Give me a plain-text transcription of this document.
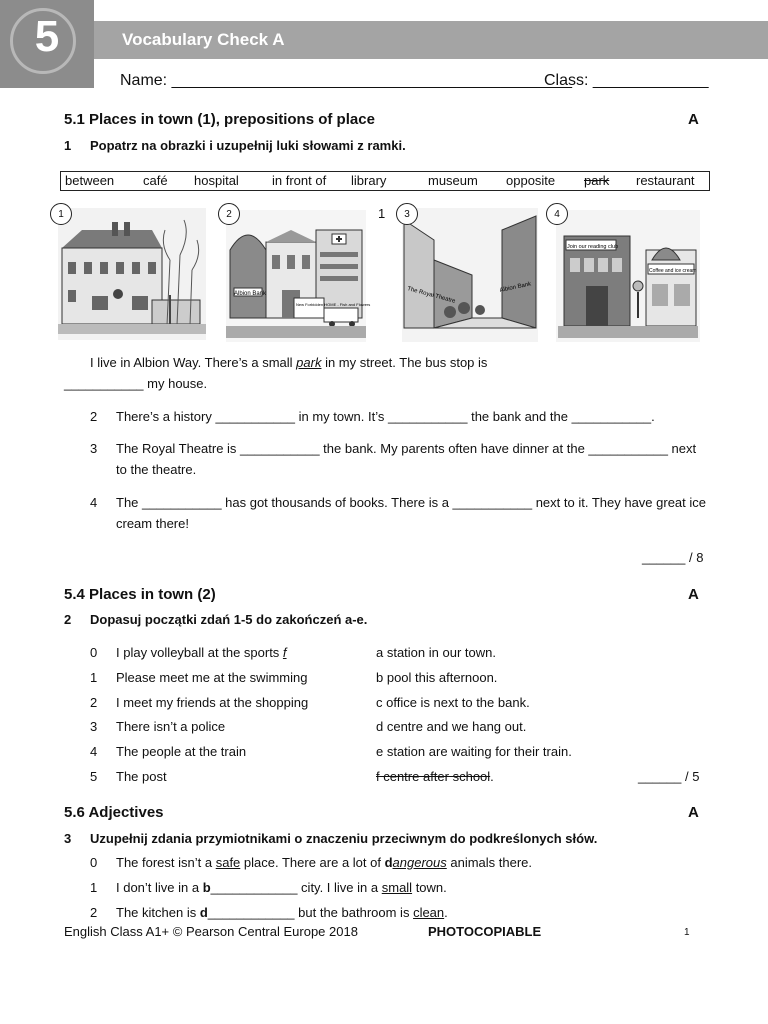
5	Vocabulary Check A
Name: _____________________________________________
Class: _____________
5.1 Places in town (1), prepositions of place	A
1 Popatrz na obrazki i uzupełnij luki słowami z ramki.
between café hospital	in front of library	museum opposite park restaurant
Albion Bank
New Forbidden HOME - Fish and Flowers	The Royal Theatre	Albion Bank
Join our reading club
Coffee and ice cream
1	2	1	3	4
I live in Albion Way. There’s a small park in my street. The bus stop is
___________ my house.
2 There’s a history ___________ in my town. It’s ___________ the bank and the ___________.
3 The Royal Theatre is ___________ the bank. My parents often have dinner at the ___________ next
to the theatre.
4 The ___________ has got thousands of books. There is a ___________ next to it. They have great ice
cream there!
______ / 8
5.4 Places in town (2)	A
2 Dopasuj początki zdań 1-5 do zakończeń a-e.
0 I play volleyball at the sports f	a station in our town.
1 Please meet me at the swimming	b pool this afternoon.
2 I meet my friends at the shopping	c office is next to the bank.
3 There isn’t a police	d centre and we hang out.
4 The people at the train	e station are waiting for their train.
5 The post	f centre after school.	______ / 5
5.6 Adjectives	A
3 Uzupełnij zdania przymiotnikami o znaczeniu przeciwnym do podkreślonych słów.
0 The forest isn’t a safe place. There are a lot of dangerous animals there.
1 I don’t live in a b____________ city. I live in a small town.
2 The kitchen is d____________ but the bathroom is clean.
English Class A1+ © Pearson Central Europe 2018	PHOTOCOPIABLE	1
